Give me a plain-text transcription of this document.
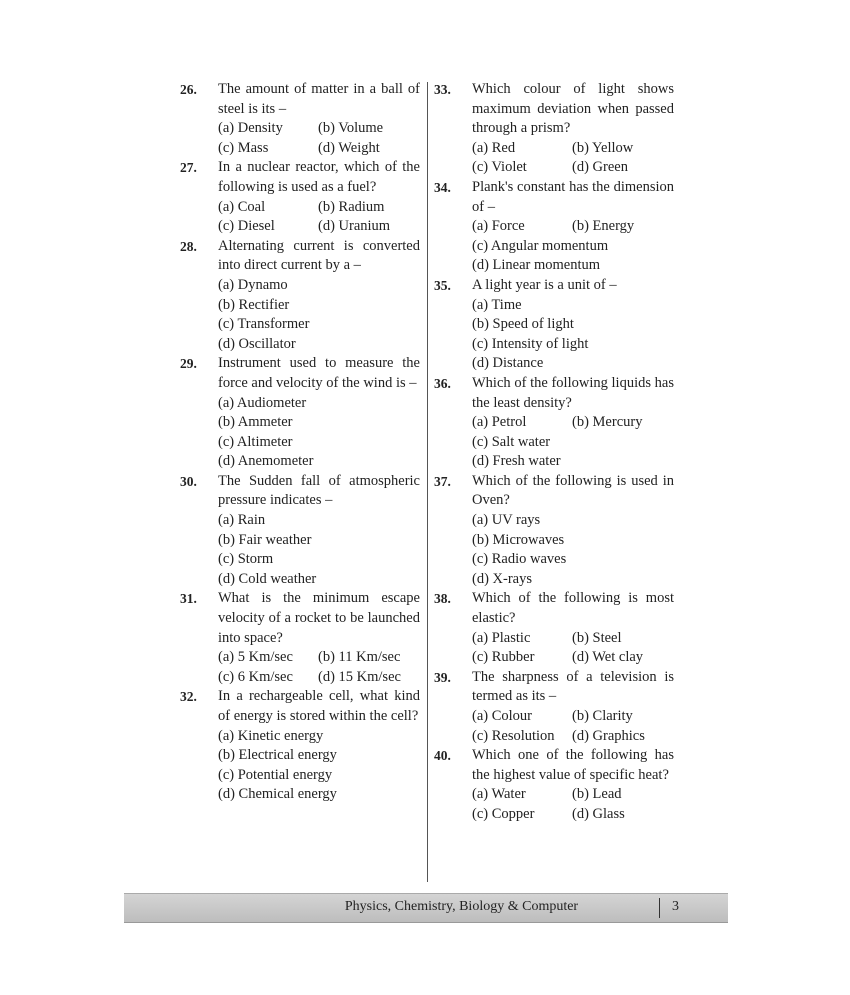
26. The amount of matter in a ball of steel is its –
(a) Density	(b) Volume
(c) Mass	(d) Weight
27. In a nuclear reactor, which of the following is used as a fuel?
(a) Coal	(b) Radium
(c) Diesel	(d) Uranium
28. Alternating current is converted into direct current by a –
(a) Dynamo
(b) Rectifier
(c) Transformer
(d) Oscillator
29. Instrument used to measure the force and velocity of the wind is –
(a) Audiometer
(b) Ammeter
(c) Altimeter
(d) Anemometer
30. The Sudden fall of atmospheric pressure indicates –
(a) Rain
(b) Fair weather
(c) Storm
(d) Cold weather
31. What is the minimum escape velocity of a rocket to be launched into space?
(a) 5 Km/sec	(b) 11 Km/sec
(c) 6 Km/sec	(d) 15 Km/sec
32. In a rechargeable cell, what kind of energy is stored within the cell?
(a) Kinetic energy
(b) Electrical energy
(c) Potential energy
(d) Chemical energy
33. Which colour of light shows maximum deviation when passed through a prism?
(a) Red	(b) Yellow
(c) Violet	(d) Green
34. Plank's constant has the dimension of –
(a) Force	(b) Energy
(c) Angular momentum
(d) Linear momentum
35. A light year is a unit of –
(a) Time
(b) Speed of light
(c) Intensity of light
(d) Distance
36. Which of the following liquids has the least density?
(a) Petrol	(b) Mercury
(c) Salt water
(d) Fresh water
37. Which of the following is used in Oven?
(a) UV rays
(b) Microwaves
(c) Radio waves
(d) X-rays
38. Which of the following is most elastic?
(a) Plastic	(b) Steel
(c) Rubber	(d) Wet clay
39. The sharpness of a television is termed as its –
(a) Colour	(b) Clarity
(c) Resolution	(d) Graphics
40. Which one of the following has the highest value of specific heat?
(a) Water	(b) Lead
(c) Copper	(d) Glass
Physics, Chemistry, Biology & Computer	3
